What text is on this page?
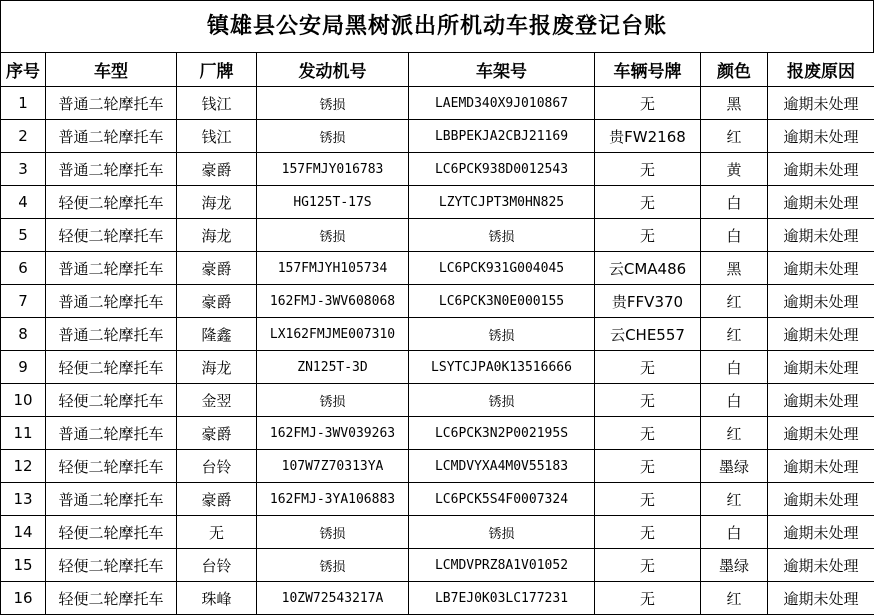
镇雄县公安局黑树派出所机动车报废登记台账
序号	车型	厂牌	发动机号	车架号	车辆号牌	颜色	报废原因
1	普通二轮摩托车	钱江	锈损	LAEMD340X9J010867	无	黑	逾期未处理
2	普通二轮摩托车	钱江	锈损	LBBPEKJA2CBJ21169	贵FW2168	红	逾期未处理
3	普通二轮摩托车	豪爵	157FMJY016783	LC6PCK938D0012543	无	黄	逾期未处理
4	轻便二轮摩托车	海龙	HG125T-17S	LZYTCJPT3M0HN825	无	白	逾期未处理
5	轻便二轮摩托车	海龙	锈损	锈损	无	白	逾期未处理
6	普通二轮摩托车	豪爵	157FMJYH105734	LC6PCK931G004045	云CMA486	黑	逾期未处理
7	普通二轮摩托车	豪爵	162FMJ-3WV608068	LC6PCK3N0E000155	贵FFV370	红	逾期未处理
8	普通二轮摩托车	隆鑫	LX162FMJME007310	锈损	云CHE557	红	逾期未处理
9	轻便二轮摩托车	海龙	ZN125T-3D	LSYTCJPA0K13516666	无	白	逾期未处理
10	轻便二轮摩托车	金翌	锈损	锈损	无	白	逾期未处理
11	普通二轮摩托车	豪爵	162FMJ-3WV039263	LC6PCK3N2P002195S	无	红	逾期未处理
12	轻便二轮摩托车	台铃	107W7Z70313YA	LCMDVYXA4M0V55183	无	墨绿	逾期未处理
13	普通二轮摩托车	豪爵	162FMJ-3YA106883	LC6PCK5S4F0007324	无	红	逾期未处理
14	轻便二轮摩托车	无	锈损	锈损	无	白	逾期未处理
15	轻便二轮摩托车	台铃	锈损	LCMDVPRZ8A1V01052	无	墨绿	逾期未处理
16	轻便二轮摩托车	珠峰	10ZW72543217A	LB7EJ0K03LC177231	无	红	逾期未处理
